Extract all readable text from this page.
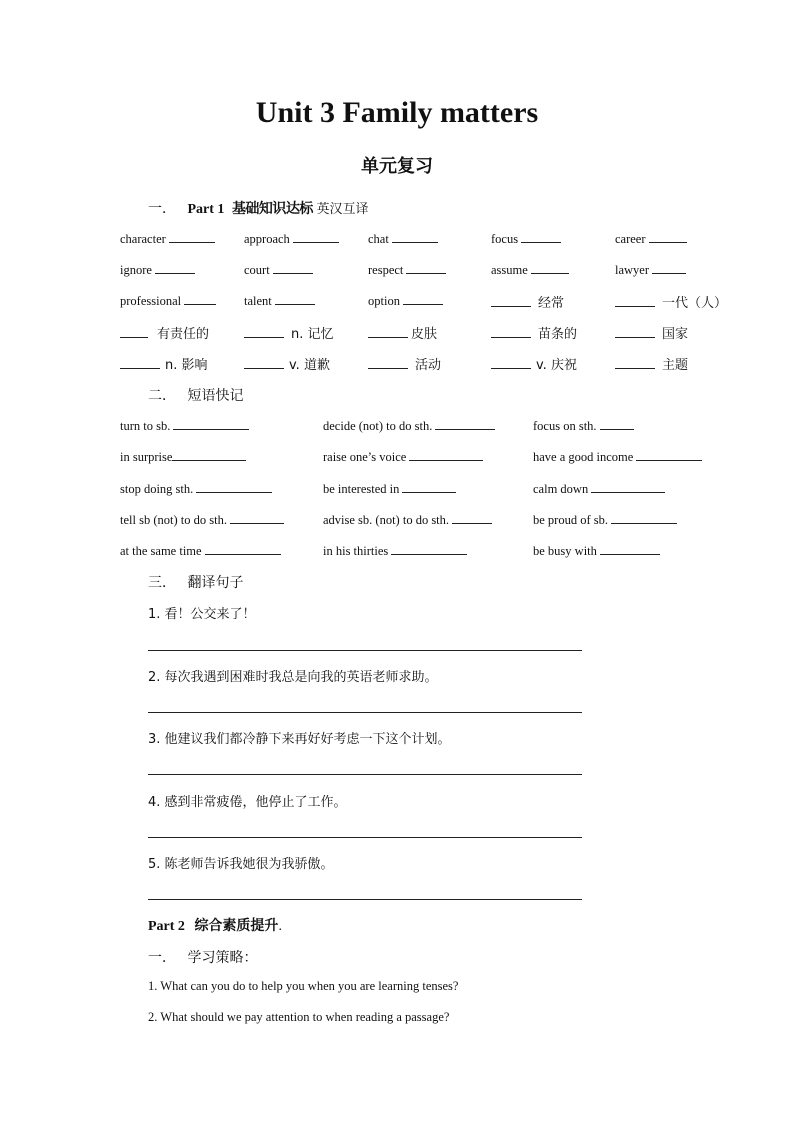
Unit 3 Family matters
单元复习
一． Part 1 基础知识达标 英汉互译
character	approach	chat	focus	career
ignore	court	respect	assume	lawyer
professional	talent	option	经常	一代（人）
有责任的	n. 记忆	皮肤	苗条的	国家
n. 影响	v. 道歉	活动	v. 庆祝	主题
二． 短语快记
turn to sb.	decide (not) to do sth.	focus on sth.
in surprise	raise one’s voice	have a good income
stop doing sth.	be interested in	calm down
tell sb (not) to do sth.	advise sb. (not) to do sth.	be proud of sb.
at the same time	in his thirties	be busy with
三． 翻译句子
1. 看！公交来了！
2. 每次我遇到困难时我总是向我的英语老师求助。
3. 他建议我们都冷静下来再好好考虑一下这个计划。
4. 感到非常疲倦，他停止了工作。
5. 陈老师告诉我她很为我骄傲。
Part 2 综合素质提升.
一． 学习策略：
1. What can you do to help you when you are learning tenses?
2. What should we pay attention to when reading a passage?
